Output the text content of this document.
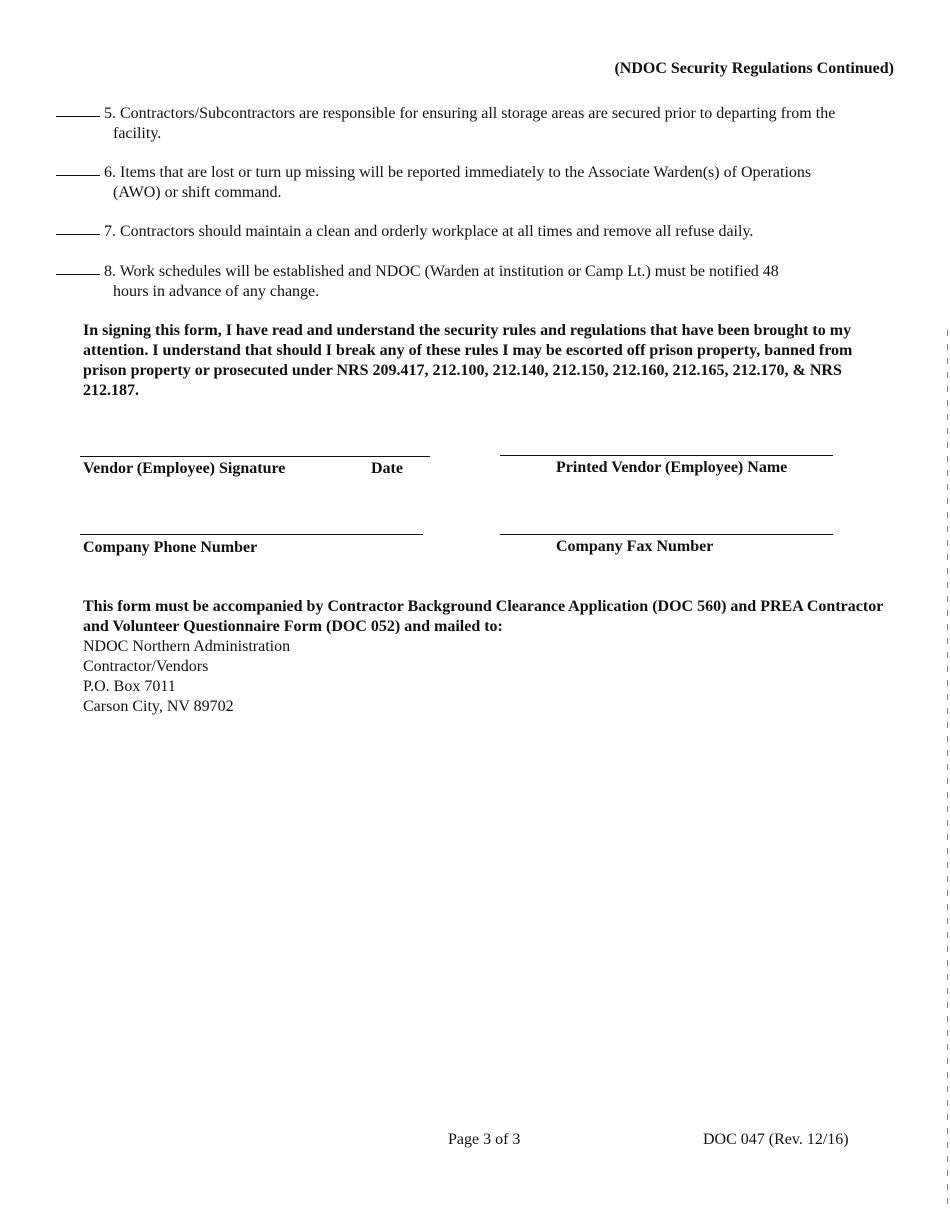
(NDOC Security Regulations Continued)
5. Contractors/Subcontractors are responsible for ensuring all storage areas are secured prior to departing from the
facility.
6. Items that are lost or turn up missing will be reported immediately to the Associate Warden(s) of Operations
(AWO) or shift command.
7. Contractors should maintain a clean and orderly workplace at all times and remove all refuse daily.
8. Work schedules will be established and NDOC (Warden at institution or Camp Lt.) must be notified 48
hours in advance of any change.
In signing this form, I have read and understand the security rules and regulations that have been brought to my attention. I understand that should I break any of these rules I may be escorted off prison property, banned from prison property or prosecuted under NRS 209.417, 212.100, 212.140, 212.150, 212.160, 212.165, 212.170, & NRS 212.187.
Vendor (Employee) Signature	Date	Printed Vendor (Employee) Name
Company Phone Number	Company Fax Number
This form must be accompanied by Contractor Background Clearance Application (DOC 560) and PREA Contractor and Volunteer Questionnaire Form (DOC 052) and mailed to:
NDOC Northern Administration
Contractor/Vendors
P.O. Box 7011
Carson City, NV 89702
Page 3 of 3	DOC 047 (Rev. 12/16)
